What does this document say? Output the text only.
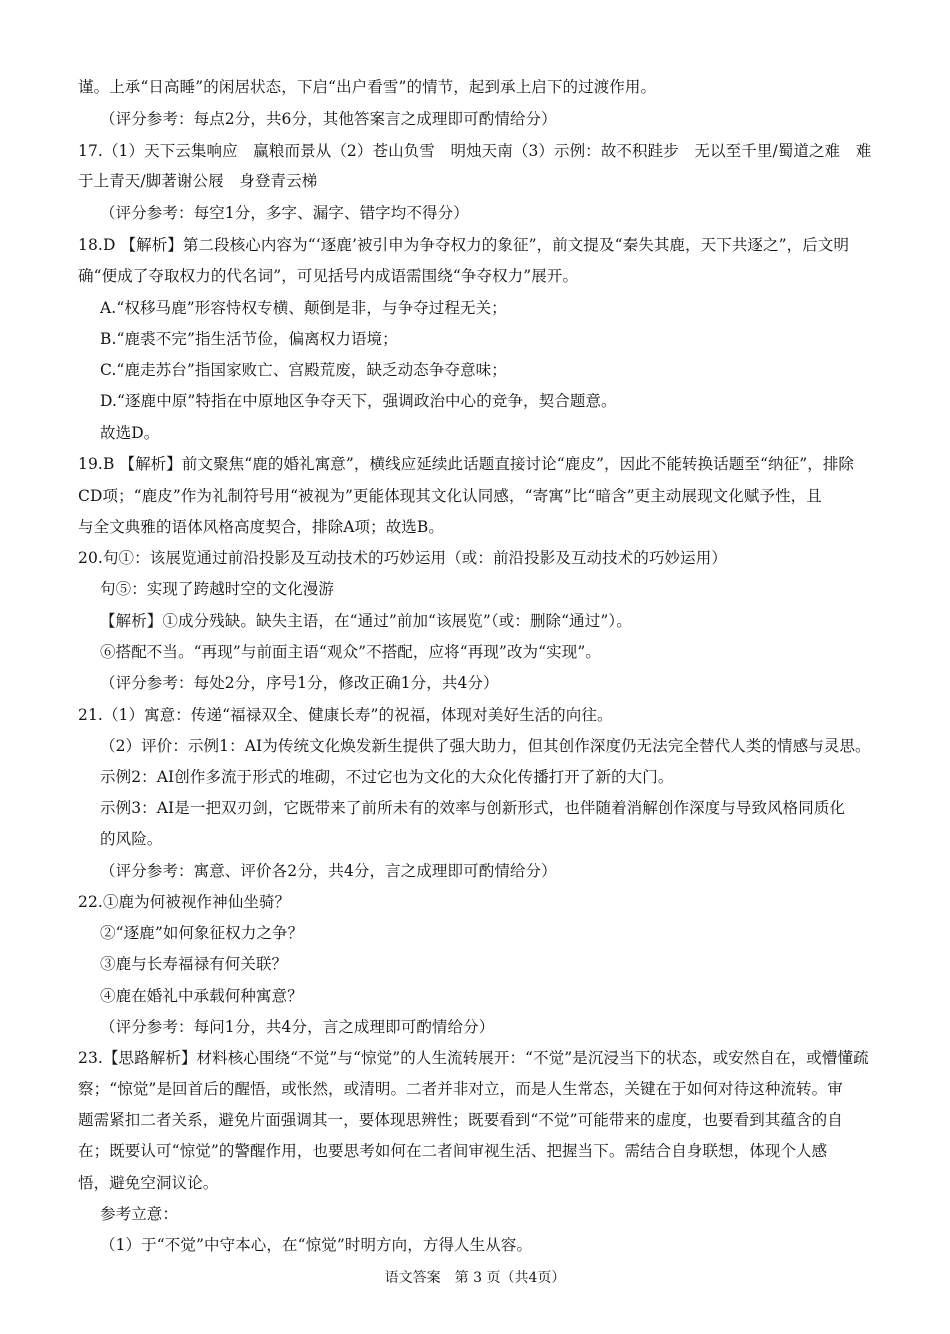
谨。上承“日高睡”的闲居状态，下启“出户看雪”的情节，起到承上启下的过渡作用。
（评分参考：每点2分，共6分，其他答案言之成理即可酌情给分）
17.（1）天下云集响应　赢粮而景从（2）苍山负雪　明烛天南（3）示例：故不积跬步　无以至千里/蜀道之难　难
于上青天/脚著谢公屐　身登青云梯
（评分参考：每空1分，多字、漏字、错字均不得分）
18.D 【解析】第二段核心内容为“‘逐鹿’被引申为争夺权力的象征”，前文提及“秦失其鹿，天下共逐之”，后文明
确“便成了夺取权力的代名词”，可见括号内成语需围绕“争夺权力”展开。
A.“权移马鹿”形容恃权专横、颠倒是非，与争夺过程无关；
B.“鹿裘不完”指生活节俭，偏离权力语境；
C.“鹿走苏台”指国家败亡、宫殿荒废，缺乏动态争夺意味；
D.“逐鹿中原”特指在中原地区争夺天下，强调政治中心的竞争，契合题意。
故选D。
19.B 【解析】前文聚焦“鹿的婚礼寓意”，横线应延续此话题直接讨论“鹿皮”，因此不能转换话题至“纳征”，排除
CD项；“鹿皮”作为礼制符号用“被视为”更能体现其文化认同感，“寄寓”比“暗含”更主动展现文化赋予性，且
与全文典雅的语体风格高度契合，排除A项；故选B。
20.句①：该展览通过前沿投影及互动技术的巧妙运用（或：前沿投影及互动技术的巧妙运用）
句⑤：实现了跨越时空的文化漫游
【解析】①成分残缺。缺失主语，在“通过”前加“该展览”（或：删除“通过”）。
⑥搭配不当。“再现”与前面主语“观众”不搭配，应将“再现”改为“实现”。
（评分参考：每处2分，序号1分，修改正确1分，共4分）
21.（1）寓意：传递“福禄双全、健康长寿”的祝福，体现对美好生活的向往。
（2）评价：示例1：AI为传统文化焕发新生提供了强大助力，但其创作深度仍无法完全替代人类的情感与灵思。
示例2：AI创作多流于形式的堆砌，不过它也为文化的大众化传播打开了新的大门。
示例3：AI是一把双刃剑，它既带来了前所未有的效率与创新形式，也伴随着消解创作深度与导致风格同质化
的风险。
（评分参考：寓意、评价各2分，共4分，言之成理即可酌情给分）
22.①鹿为何被视作神仙坐骑？
②“逐鹿”如何象征权力之争？
③鹿与长寿福禄有何关联？
④鹿在婚礼中承载何种寓意？
（评分参考：每问1分，共4分，言之成理即可酌情给分）
23.【思路解析】材料核心围绕“不觉”与“惊觉”的人生流转展开：“不觉”是沉浸当下的状态，或安然自在，或懵懂疏
察；“惊觉”是回首后的醒悟，或怅然，或清明。二者并非对立，而是人生常态，关键在于如何对待这种流转。审
题需紧扣二者关系，避免片面强调其一，要体现思辨性；既要看到“不觉”可能带来的虚度，也要看到其蕴含的自
在；既要认可“惊觉”的警醒作用，也要思考如何在二者间审视生活、把握当下。需结合自身联想，体现个人感
悟，避免空洞议论。
参考立意：
（1）于“不觉”中守本心，在“惊觉”时明方向，方得人生从容。
语文答案　第 3 页（共4页）
